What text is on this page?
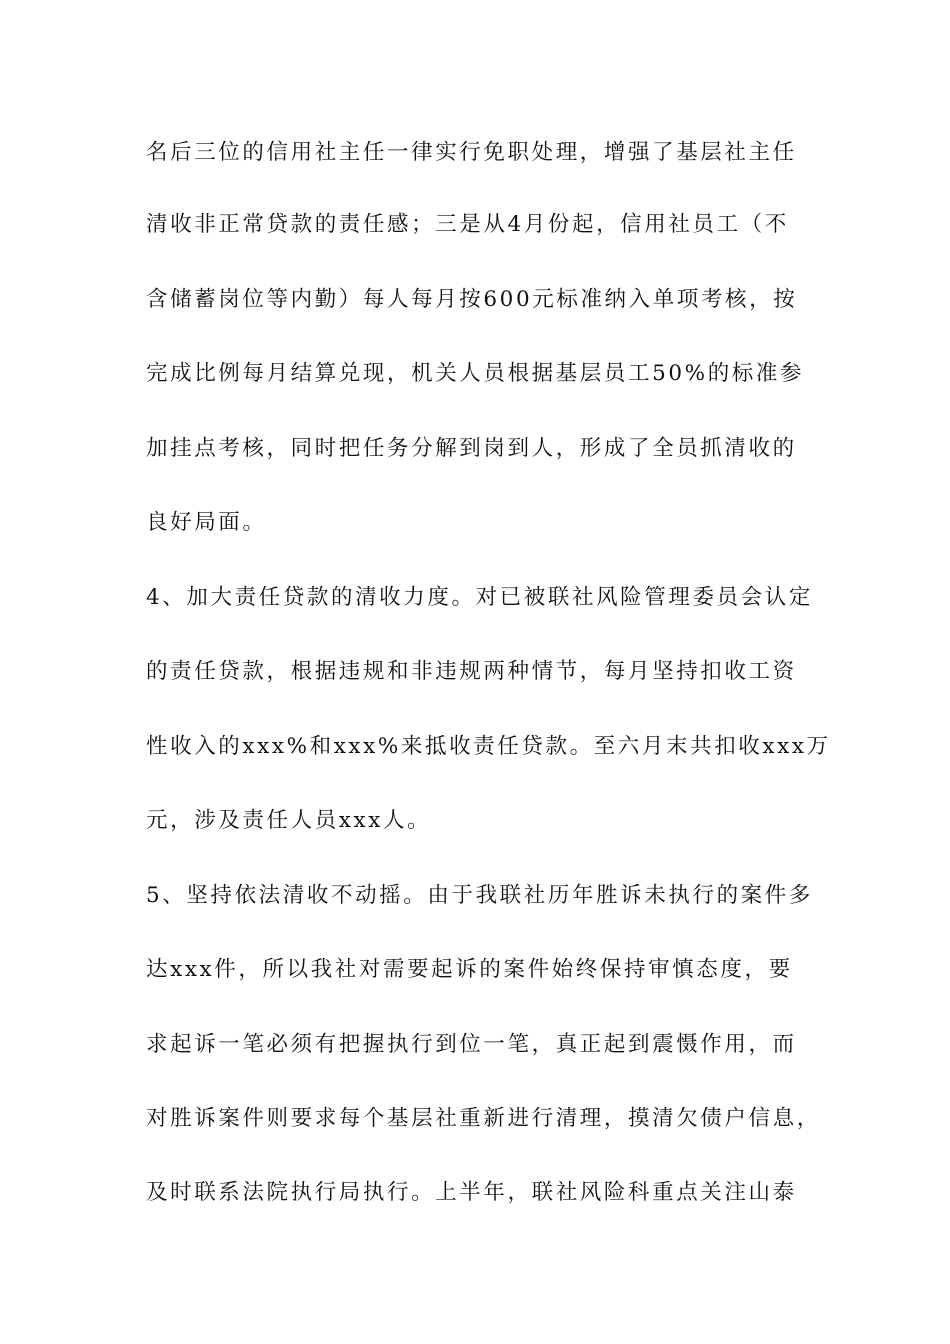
名后三位的信用社主任一律实行免职处理，增强了基层社主任
清收非正常贷款的责任感；三是从4月份起，信用社员工（不
含储蓄岗位等内勤）每人每月按600元标准纳入单项考核，按
完成比例每月结算兑现，机关人员根据基层员工50%的标准参
加挂点考核，同时把任务分解到岗到人，形成了全员抓清收的
良好局面。
4、加大责任贷款的清收力度。对已被联社风险管理委员会认定
的责任贷款，根据违规和非违规两种情节，每月坚持扣收工资
性收入的xxx%和xxx%来抵收责任贷款。至六月末共扣收xxx万
元，涉及责任人员xxx人。
5、坚持依法清收不动摇。由于我联社历年胜诉未执行的案件多
达xxx件，所以我社对需要起诉的案件始终保持审慎态度，要
求起诉一笔必须有把握执行到位一笔，真正起到震慑作用，而
对胜诉案件则要求每个基层社重新进行清理，摸清欠债户信息，
及时联系法院执行局执行。上半年，联社风险科重点关注山泰
